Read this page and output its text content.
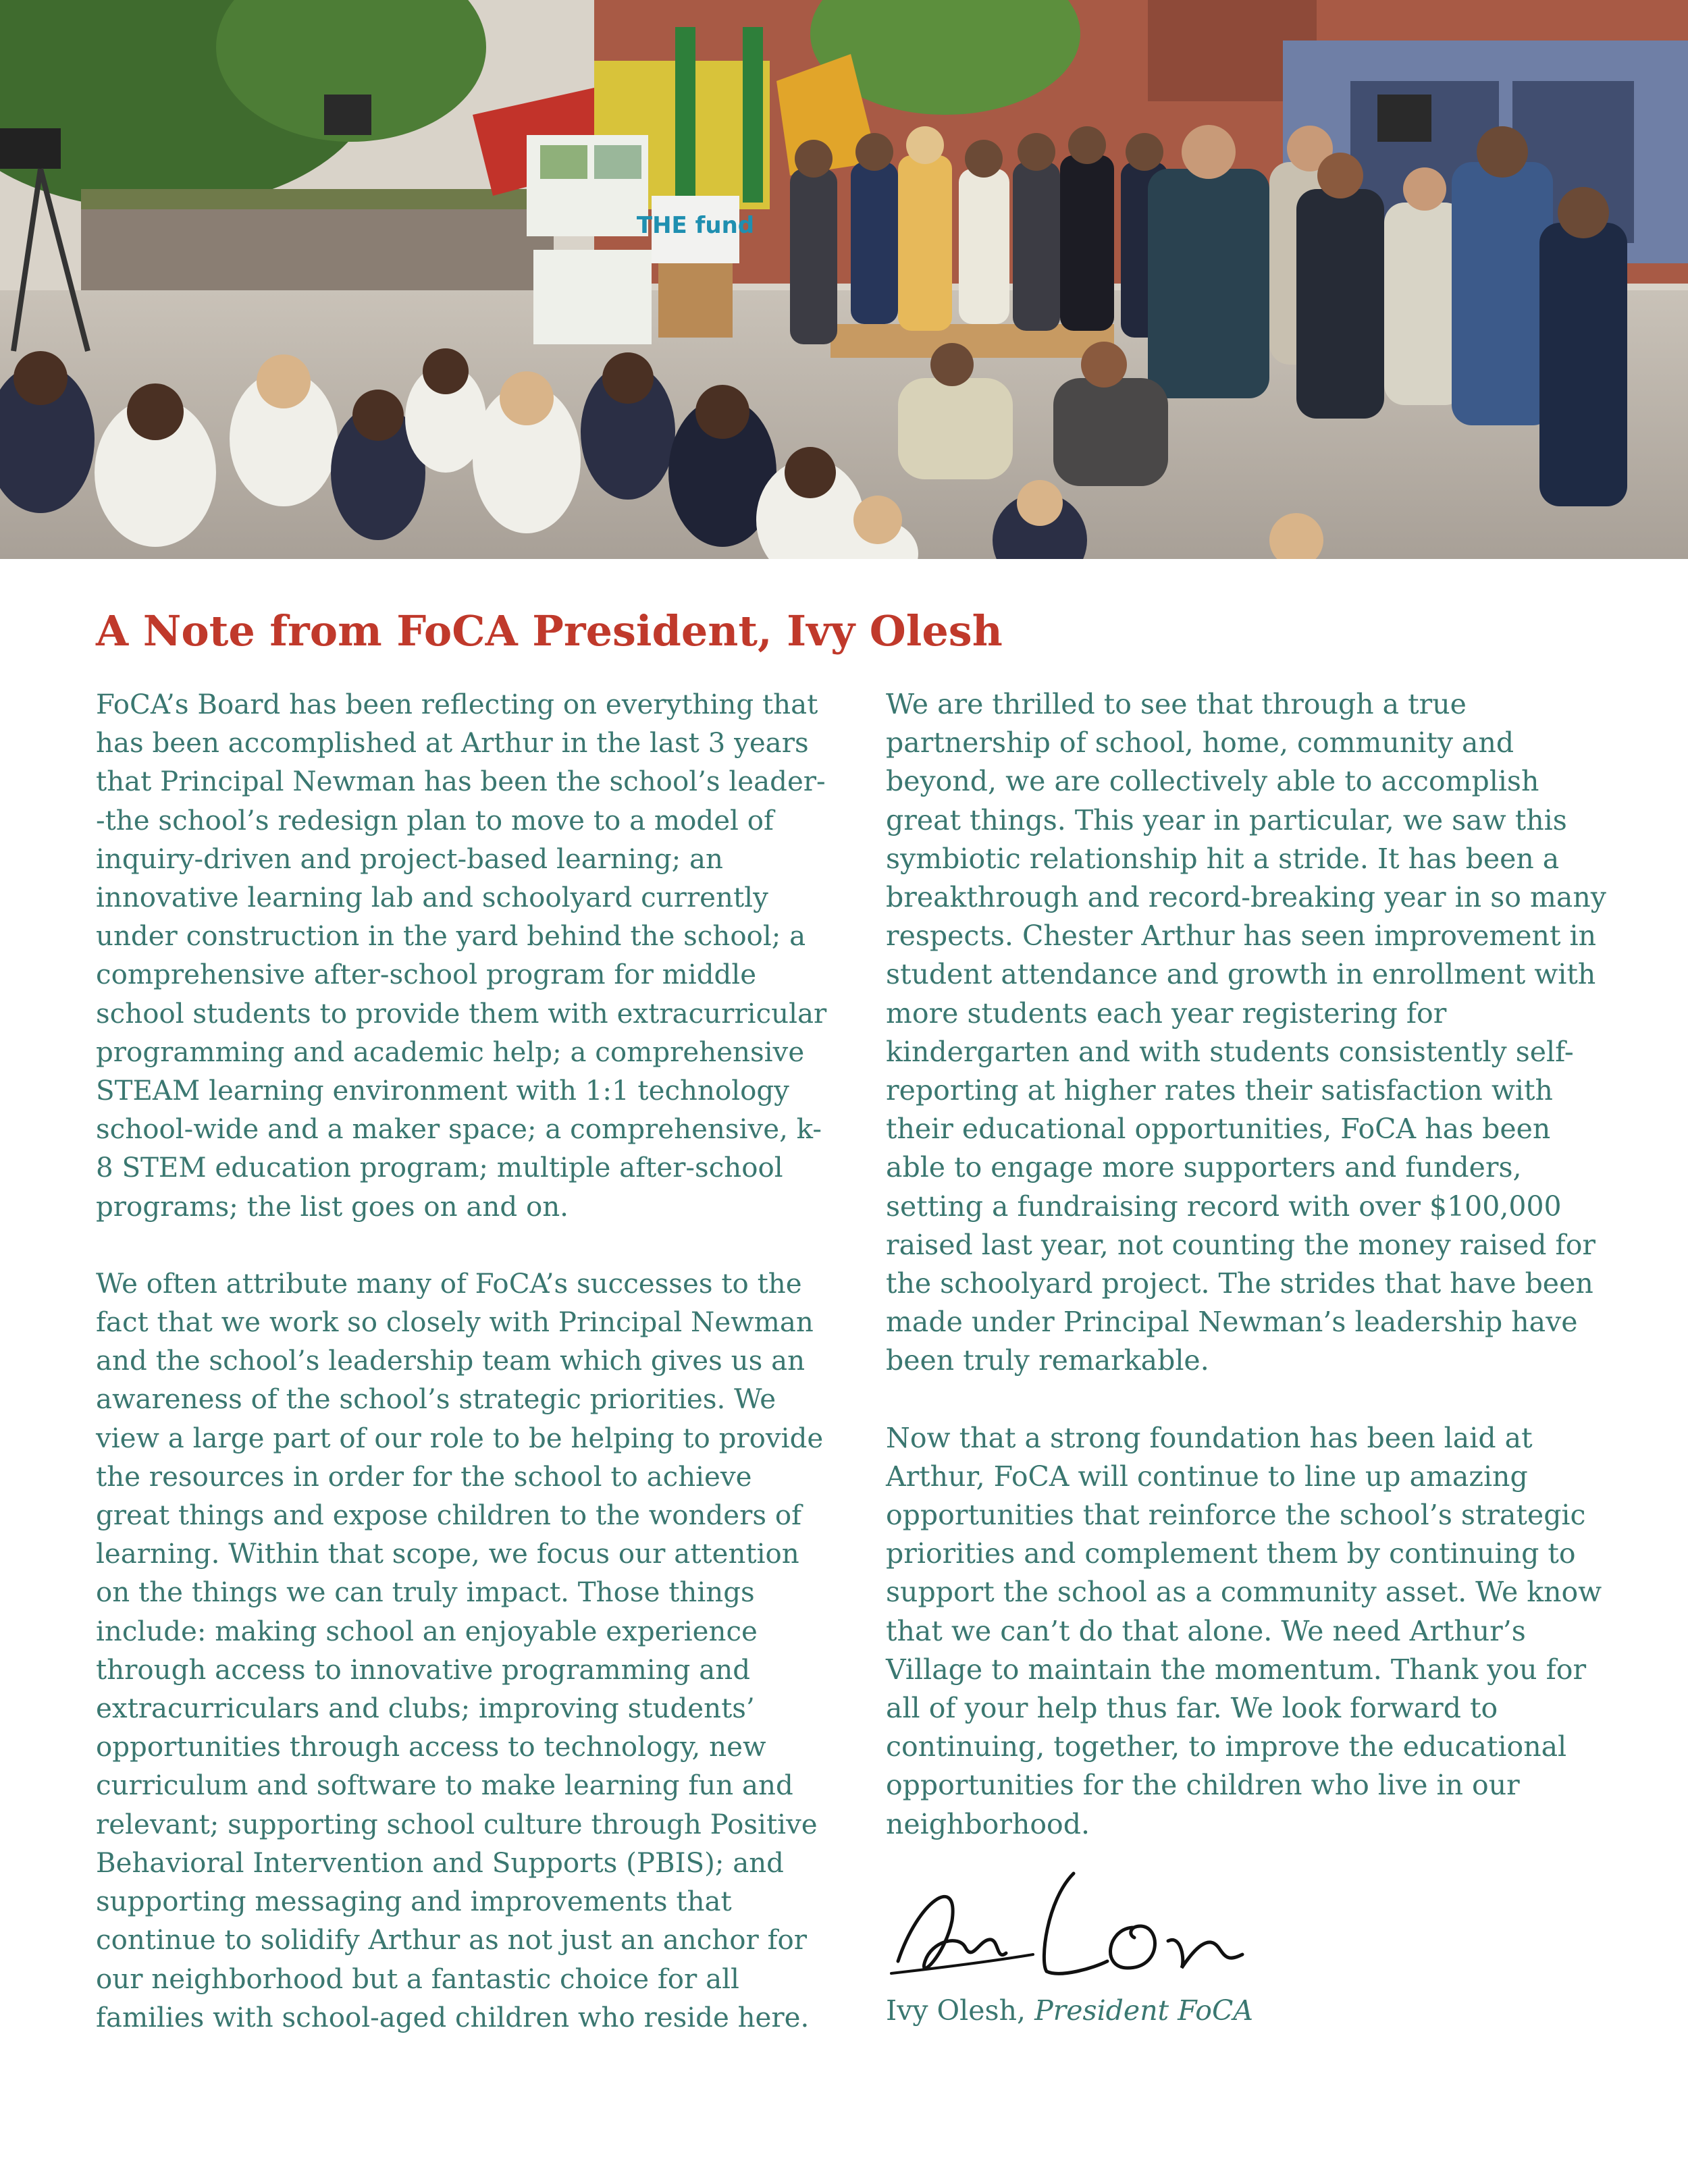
THE fund
A Note from FoCA President, Ivy Olesh

FoCA’s Board has been reflecting on everything that has been accomplished at Arthur in the last 3 years that Principal Newman has been the school’s leader--the school’s redesign plan to move to a model of inquiry-driven and project-based learning; an innovative learning lab and schoolyard currently under construction in the yard behind the school; a comprehensive after-school program for middle school students to provide them with extracurricular programming and academic help; a comprehensive STEAM learning environment with 1:1 technology school-wide and a maker space; a comprehensive, k-8 STEM education program; multiple after-school programs; the list goes on and on.

We often attribute many of FoCA’s successes to the fact that we work so closely with Principal Newman and the school’s leadership team which gives us an awareness of the school’s strategic priorities. We view a large part of our role to be helping to provide the resources in order for the school to achieve great things and expose children to the wonders of learning. Within that scope, we focus our attention on the things we can truly impact. Those things include: making school an enjoyable experience through access to innovative programming and extracurriculars and clubs; improving students’ opportunities through access to technology, new curriculum and software to make learning fun and relevant; supporting school culture through Positive Behavioral Intervention and Supports (PBIS); and supporting messaging and improvements that continue to solidify Arthur as not just an anchor for our neighborhood but a fantastic choice for all families with school-aged children who reside here.

We are thrilled to see that through a true partnership of school, home, community and beyond, we are collectively able to accomplish great things. This year in particular, we saw this symbiotic relationship hit a stride. It has been a breakthrough and record-breaking year in so many respects. Chester Arthur has seen improvement in student attendance and growth in enrollment with more students each year registering for kindergarten and with students consistently self-reporting at higher rates their satisfaction with their educational opportunities, FoCA has been able to engage more supporters and funders, setting a fundraising record with over $100,000 raised last year, not counting the money raised for the schoolyard project. The strides that have been made under Principal Newman’s leadership have been truly remarkable.

Now that a strong foundation has been laid at Arthur, FoCA will continue to line up amazing opportunities that reinforce the school’s strategic priorities and complement them by continuing to support the school as a community asset. We know that we can’t do that alone. We need Arthur’s Village to maintain the momentum. Thank you for all of your help thus far. We look forward to continuing, together, to improve the educational opportunities for the children who live in our neighborhood.

Ivy Olesh, President FoCA
